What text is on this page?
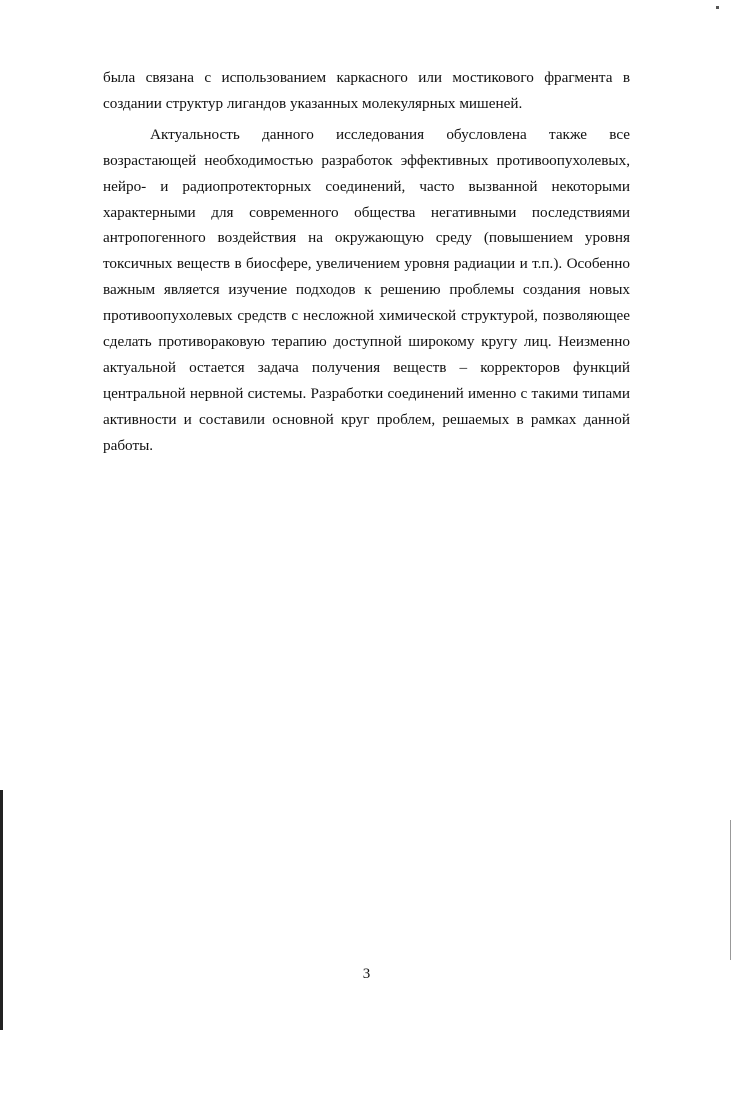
была связана с использованием каркасного или мостикового фрагмента в создании структур лигандов указанных молекулярных мишеней.

Актуальность данного исследования обусловлена также все возрастающей необходимостью разработок эффективных противоопухолевых, нейро- и радиопротекторных соединений, часто вызванной некоторыми характерными для современного общества негативными последствиями антропогенного воздействия на окружающую среду (повышением уровня токсичных веществ в биосфере, увеличением уровня радиации и т.п.). Особенно важным является изучение подходов к решению проблемы создания новых противоопухолевых средств с несложной химической структурой, позволяющее сделать противораковую терапию доступной широкому кругу лиц. Неизменно актуальной остается задача получения веществ – корректоров функций центральной нервной системы. Разработки соединений именно с такими типами активности и составили основной круг проблем, решаемых в рамках данной работы.

3
